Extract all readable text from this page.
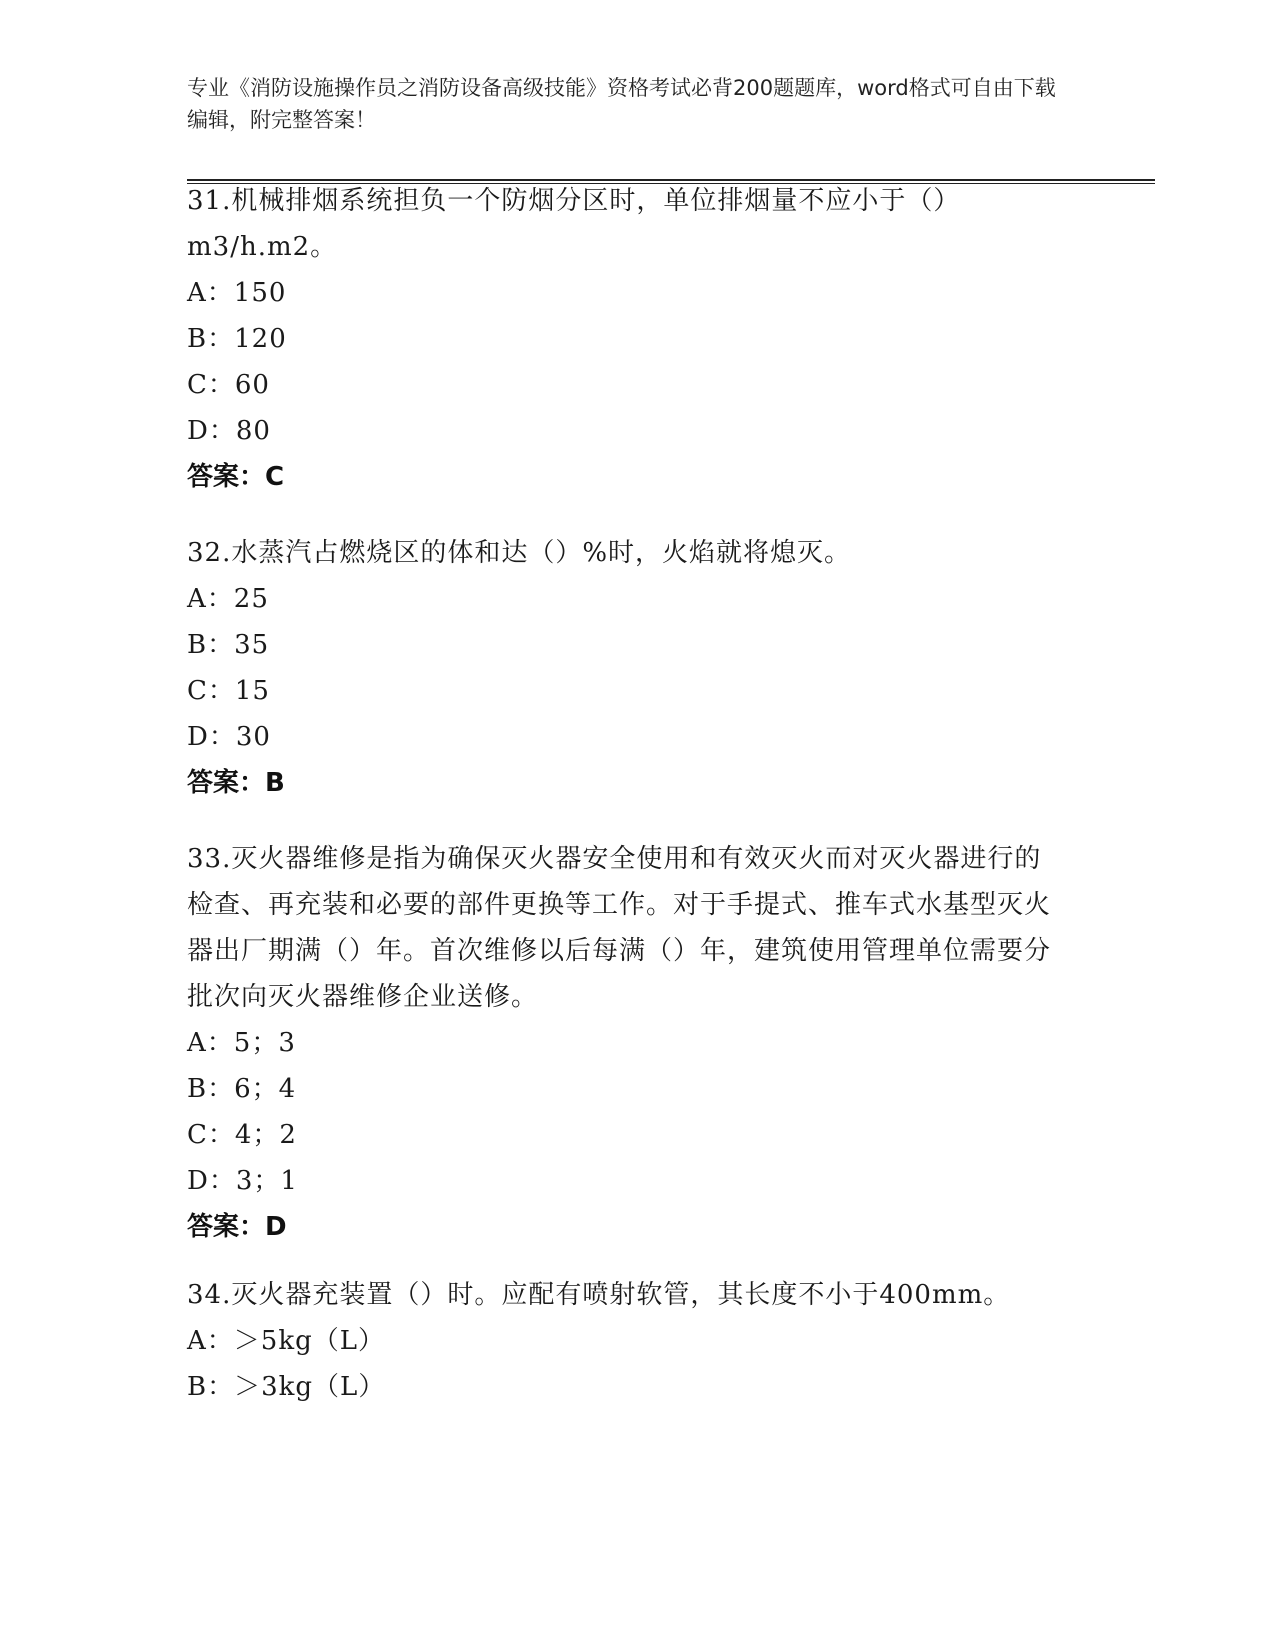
专业《消防设施操作员之消防设备高级技能》资格考试必背200题题库，word格式可自由下载编辑，附完整答案！
31.机械排烟系统担负一个防烟分区时，单位排烟量不应小于（）m3/h.m2。
A：150
B：120
C：60
D：80
答案：C
32.水蒸汽占燃烧区的体和达（）%时，火焰就将熄灭。
A：25
B：35
C：15
D：30
答案：B
33.灭火器维修是指为确保灭火器安全使用和有效灭火而对灭火器进行的检查、再充装和必要的部件更换等工作。对于手提式、推车式水基型灭火器出厂期满（）年。首次维修以后每满（）年，建筑使用管理单位需要分批次向灭火器维修企业送修。
A：5；3
B：6；4
C：4；2
D：3；1
答案：D
34.灭火器充装置（）时。应配有喷射软管，其长度不小于400mm。
A：＞5kg（L）
B：＞3kg（L）
